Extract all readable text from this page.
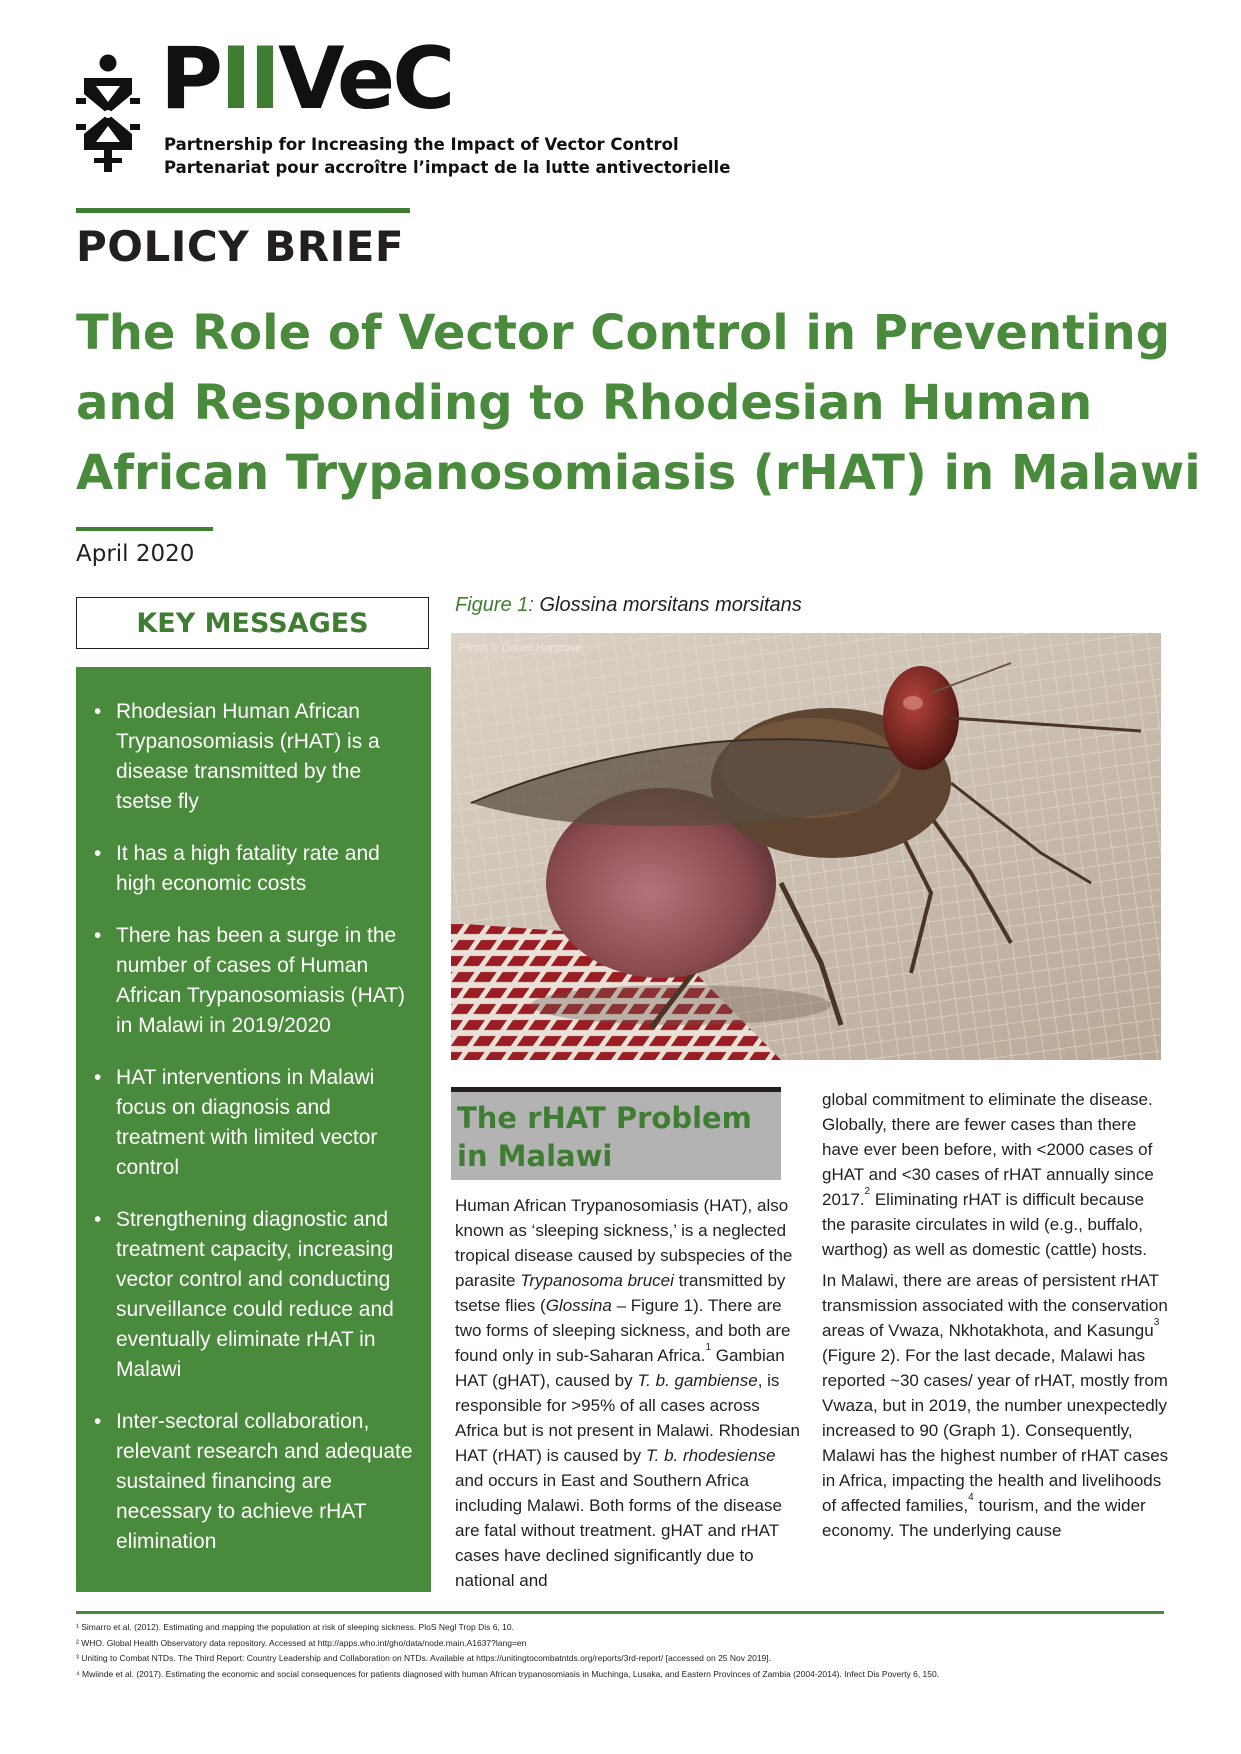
PIIVeC
Partnership for Increasing the Impact of Vector Control
Partenariat pour accroître l’impact de la lutte antivectorielle
POLICY BRIEF
The Role of Vector Control in Preventing
and Responding to Rhodesian Human
African Trypanosomiasis (rHAT) in Malawi
April 2020
KEY MESSAGES
• Rhodesian Human African Trypanosomiasis (rHAT) is a disease transmitted by the tsetse fly
• It has a high fatality rate and high economic costs
• There has been a surge in the number of cases of Human African Trypanosomiasis (HAT) in Malawi in 2019/2020
• HAT interventions in Malawi focus on diagnosis and treatment with limited vector control
• Strengthening diagnostic and treatment capacity, increasing vector control and conducting surveillance could reduce and eventually eliminate rHAT in Malawi
• Inter-sectoral collaboration, relevant research and adequate sustained financing are necessary to achieve rHAT elimination
Figure 1: Glossina morsitans morsitans
Photo © Daniel Hargrove
The rHAT Problem
in Malawi

Human African Trypanosomiasis (HAT), also known as ‘sleeping sickness,’ is a neglected tropical disease caused by subspecies of the parasite Trypanosoma brucei transmitted by tsetse flies (Glossina – Figure 1). There are two forms of sleeping sickness, and both are found only in sub-Saharan Africa.$^1$ Gambian HAT (gHAT), caused by T. b. gambiense, is responsible for >95% of all cases across Africa but is not present in Malawi. Rhodesian HAT (rHAT) is caused by T. b. rhodesiense and occurs in East and Southern Africa including Malawi. Both forms of the disease are fatal without treatment. gHAT and rHAT cases have declined significantly due to national and

global commitment to eliminate the disease. Globally, there are fewer cases than there have ever been before, with <2000 cases of gHAT and <30 cases of rHAT annually since 2017.$^2$ Eliminating rHAT is difficult because the parasite circulates in wild (e.g., buffalo, warthog) as well as domestic (cattle) hosts.

In Malawi, there are areas of persistent rHAT transmission associated with the conservation areas of Vwaza, Nkhotakhota, and Kasungu$^3$ (Figure 2). For the last decade, Malawi has reported ~30 cases/ year of rHAT, mostly from Vwaza, but in 2019, the number unexpectedly increased to 90 (Graph 1). Consequently, Malawi has the highest number of rHAT cases in Africa, impacting the health and livelihoods of affected families,$^4$ tourism, and the wider economy. The underlying cause

¹ Simarro et al. (2012). Estimating and mapping the population at risk of sleeping sickness. PloS Negl Trop Dis 6, 10.
² WHO. Global Health Observatory data repository. Accessed at http://apps.who.int/gho/data/node.main.A1637?lang=en
³ Uniting to Combat NTDs. The Third Report: Country Leadership and Collaboration on NTDs. Available at https://unitingtocombatntds.org/reports/3rd-report/ [accessed on 25 Nov 2019].
⁴ Mwiinde et al. (2017). Estimating the economic and social consequences for patients diagnosed with human African trypanosomiasis in Muchinga, Lusaka, and Eastern Provinces of Zambia (2004-2014). Infect Dis Poverty 6, 150.
